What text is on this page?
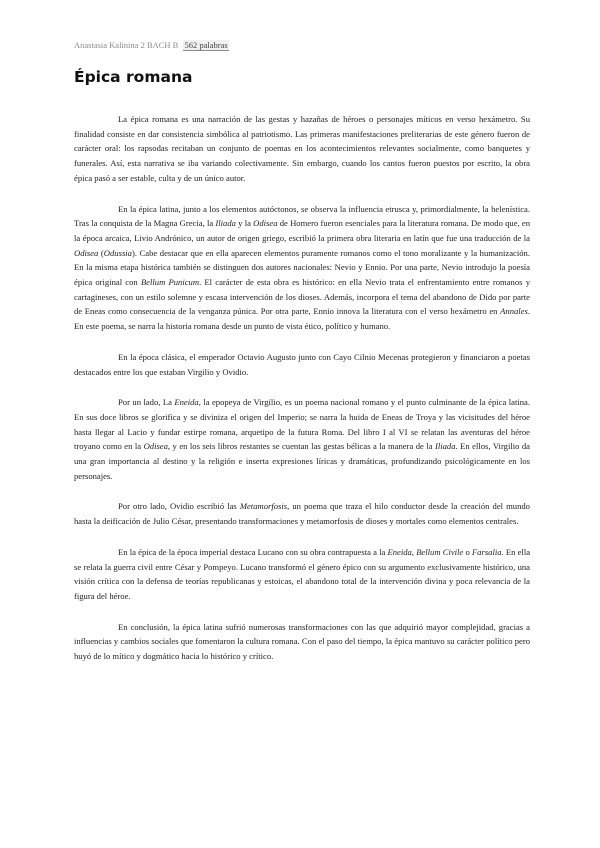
Anastasia Kalinina 2 BACH B 562 palabras
Épica romana

La épica romana es una narración de las gestas y hazañas de héroes o personajes míticos en verso hexámetro. Su finalidad consiste en dar consistencia simbólica al patriotismo. Las primeras manifestaciones preliterarias de este género fueron de carácter oral: los rapsodas recitaban un conjunto de poemas en los acontecimientos relevantes socialmente, como banquetes y funerales. Así, esta narrativa se iba variando colectivamente. Sin embargo, cuando los cantos fueron puestos por escrito, la obra épica pasó a ser estable, culta y de un único autor.

En la épica latina, junto a los elementos autóctonos, se observa la influencia etrusca y, primordialmente, la helenística. Tras la conquista de la Magna Grecia, la Iliada y la Odisea de Homero fueron esenciales para la literatura romana. De modo que, en la época arcaica, Livio Andrónico, un autor de origen griego, escribió la primera obra literaria en latín que fue una traducción de la Odisea (Odussia). Cabe destacar que en ella aparecen elementos puramente romanos como el tono moralizante y la humanización. En la misma etapa histórica también se distinguen dos autores nacionales: Nevio y Ennio. Por una parte, Nevio introdujo la poesía épica original con Bellum Punicum. El carácter de esta obra es histórico: en ella Nevio trata el enfrentamiento entre romanos y cartagineses, con un estilo solemne y escasa intervención de los dioses. Además, incorpora el tema del abandono de Dido por parte de Eneas como consecuencia de la venganza púnica. Por otra parte, Ennio innova la literatura con el verso hexámetro en Annales. En este poema, se narra la historia romana desde un punto de vista ético, político y humano.

En la época clásica, el emperador Octavio Augusto junto con Cayo Cilnio Mecenas protegieron y financiaron a poetas destacados entre los que estaban Virgilio y Ovidio.

Por un lado, La Eneida, la epopeya de Virgilio, es un poema nacional romano y el punto culminante de la épica latina. En sus doce libros se glorifica y se diviniza el origen del Imperio; se narra la huida de Eneas de Troya y las vicisitudes del héroe hasta llegar al Lacio y fundar estirpe romana, arquetipo de la futura Roma. Del libro I al VI se relatan las aventuras del héroe troyano como en la Odisea, y en los seis libros restantes se cuentan las gestas bélicas a la manera de la Iliada. En ellos, Virgilio da una gran importancia al destino y la religión e inserta expresiones líricas y dramáticas, profundizando psicológicamente en los personajes.

Por otro lado, Ovidio escribió las Metamorfosis, un poema que traza el hilo conductor desde la creación del mundo hasta la deificación de Julio César, presentando transformaciones y metamorfosis de dioses y mortales como elementos centrales.

En la épica de la época imperial destaca Lucano con su obra contrapuesta a la Eneida, Bellum Civile o Farsalia. En ella se relata la guerra civil entre César y Pompeyo. Lucano transformó el género épico con su argumento exclusivamente histórico, una visión crítica con la defensa de teorías republicanas y estoicas, el abandono total de la intervención divina y poca relevancia de la figura del héroe.

En conclusión, la épica latina sufrió numerosas transformaciones con las que adquirió mayor complejidad, gracias a influencias y cambios sociales que fomentaron la cultura romana. Con el paso del tiempo, la épica mantuvo su carácter político pero huyó de lo mítico y dogmático hacia lo histórico y crítico.
